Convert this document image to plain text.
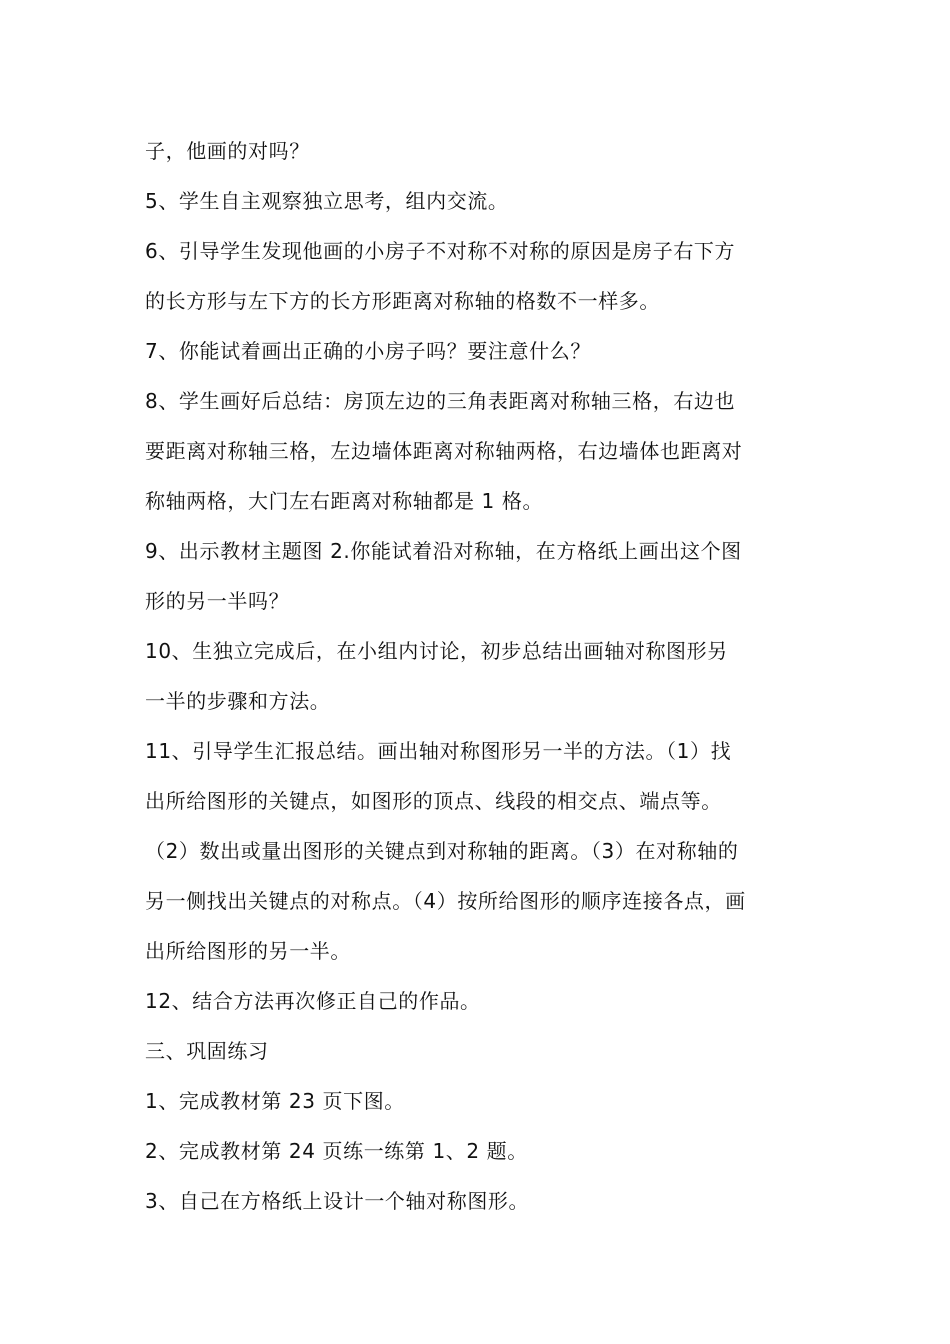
子，他画的对吗？
5、学生自主观察独立思考，组内交流。
6、引导学生发现他画的小房子不对称不对称的原因是房子右下方
的长方形与左下方的长方形距离对称轴的格数不一样多。
7、你能试着画出正确的小房子吗？要注意什么？
8、学生画好后总结：房顶左边的三角表距离对称轴三格，右边也
要距离对称轴三格，左边墙体距离对称轴两格，右边墙体也距离对
称轴两格，大门左右距离对称轴都是 1 格。
9、出示教材主题图 2.你能试着沿对称轴，在方格纸上画出这个图
形的另一半吗？
10、生独立完成后，在小组内讨论，初步总结出画轴对称图形另
一半的步骤和方法。
11、引导学生汇报总结。画出轴对称图形另一半的方法。（1）找
出所给图形的关键点，如图形的顶点、线段的相交点、端点等。
（2）数出或量出图形的关键点到对称轴的距离。（3）在对称轴的
另一侧找出关键点的对称点。（4）按所给图形的顺序连接各点，画
出所给图形的另一半。
12、结合方法再次修正自己的作品。
三、巩固练习
1、完成教材第 23 页下图。
2、完成教材第 24 页练一练第 1、2 题。
3、自己在方格纸上设计一个轴对称图形。
